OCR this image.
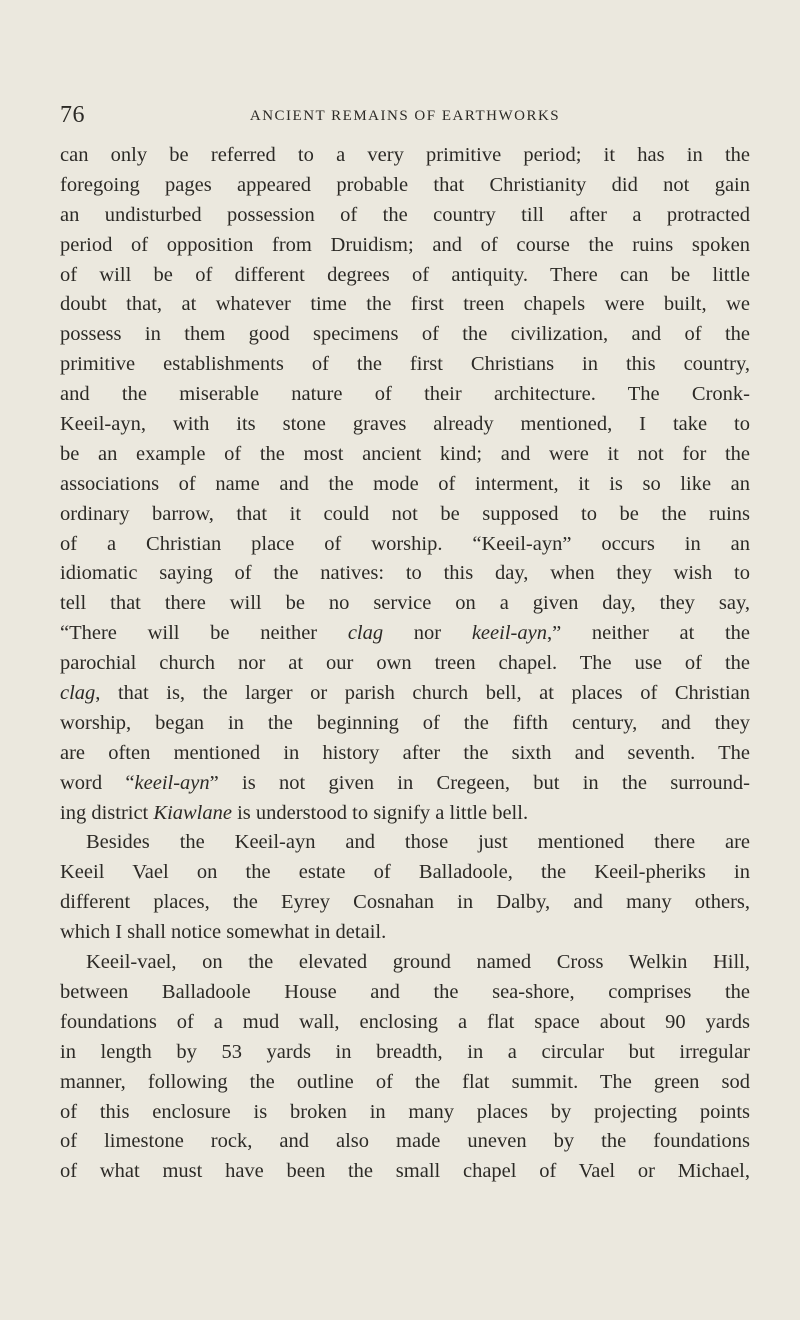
76	ANCIENT REMAINS OF EARTHWORKS
can only be referred to a very primitive period; it has in the
foregoing pages appeared probable that Christianity did not gain
an undisturbed possession of the country till after a protracted
period of opposition from Druidism; and of course the ruins spoken
of will be of different degrees of antiquity. There can be little
doubt that, at whatever time the first treen chapels were built, we
possess in them good specimens of the civilization, and of the
primitive establishments of the first Christians in this country,
and the miserable nature of their architecture. The Cronk-
Keeil-ayn, with its stone graves already mentioned, I take to
be an example of the most ancient kind; and were it not for the
associations of name and the mode of interment, it is so like an
ordinary barrow, that it could not be supposed to be the ruins
of a Christian place of worship. “Keeil-ayn” occurs in an
idiomatic saying of the natives: to this day, when they wish to
tell that there will be no service on a given day, they say,
“There will be neither clag nor keeil-ayn,” neither at the
parochial church nor at our own treen chapel. The use of the
clag, that is, the larger or parish church bell, at places of Christian
worship, began in the beginning of the fifth century, and they
are often mentioned in history after the sixth and seventh. The
word “keeil-ayn” is not given in Cregeen, but in the surround-
ing district Kiawlane is understood to signify a little bell.
Besides the Keeil-ayn and those just mentioned there are
Keeil Vael on the estate of Balladoole, the Keeil-pheriks in
different places, the Eyrey Cosnahan in Dalby, and many others,
which I shall notice somewhat in detail.
Keeil-vael, on the elevated ground named Cross Welkin Hill,
between Balladoole House and the sea-shore, comprises the
foundations of a mud wall, enclosing a flat space about 90 yards
in length by 53 yards in breadth, in a circular but irregular
manner, following the outline of the flat summit. The green sod
of this enclosure is broken in many places by projecting points
of limestone rock, and also made uneven by the foundations
of what must have been the small chapel of Vael or Michael,
